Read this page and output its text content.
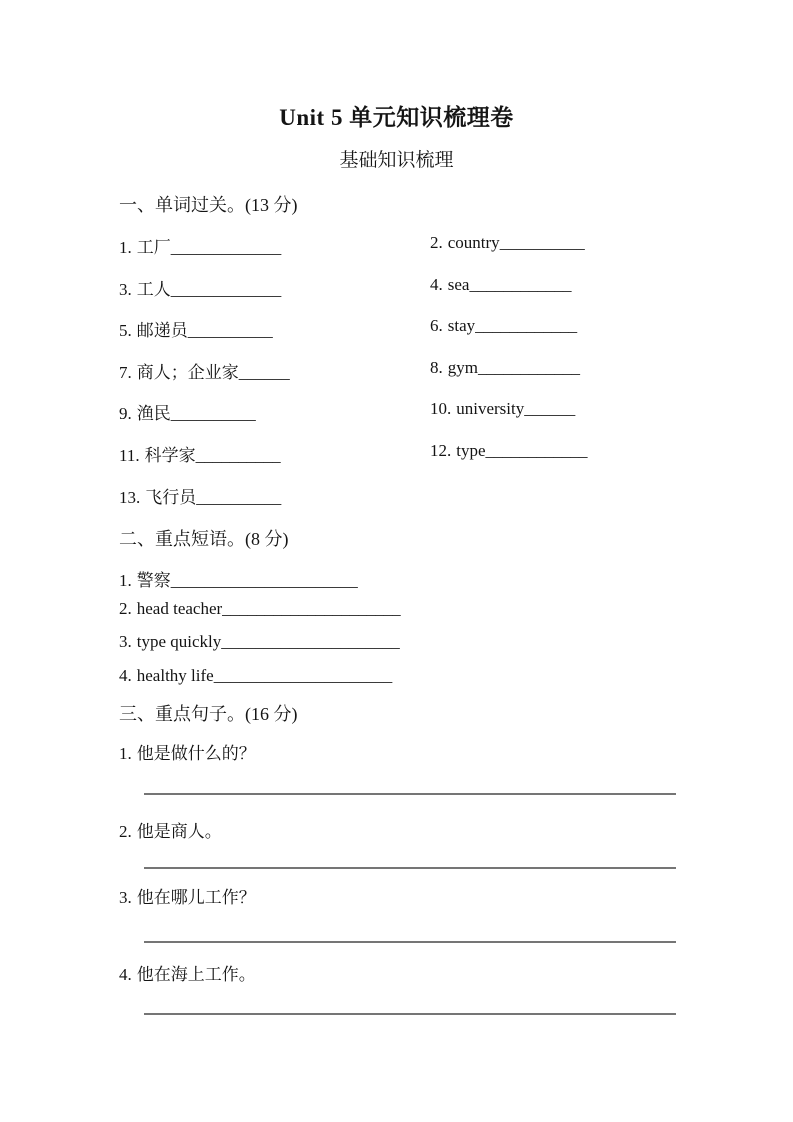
Unit 5 单元知识梳理卷
基础知识梳理
一、单词过关。(13 分)
1. 工厂_____________	2. country__________
3. 工人_____________	4. sea____________
5. 邮递员__________	6. stay____________
7. 商人；企业家______	8. gym____________
9. 渔民__________	10. university______
11. 科学家__________	12. type____________
13. 飞行员__________
二、重点短语。(8 分)
1. 警察______________________
2. head teacher_____________________
3. type quickly_____________________
4. healthy life_____________________
三、重点句子。(16 分)
1. 他是做什么的？
2. 他是商人。
3. 他在哪儿工作？
4. 他在海上工作。
